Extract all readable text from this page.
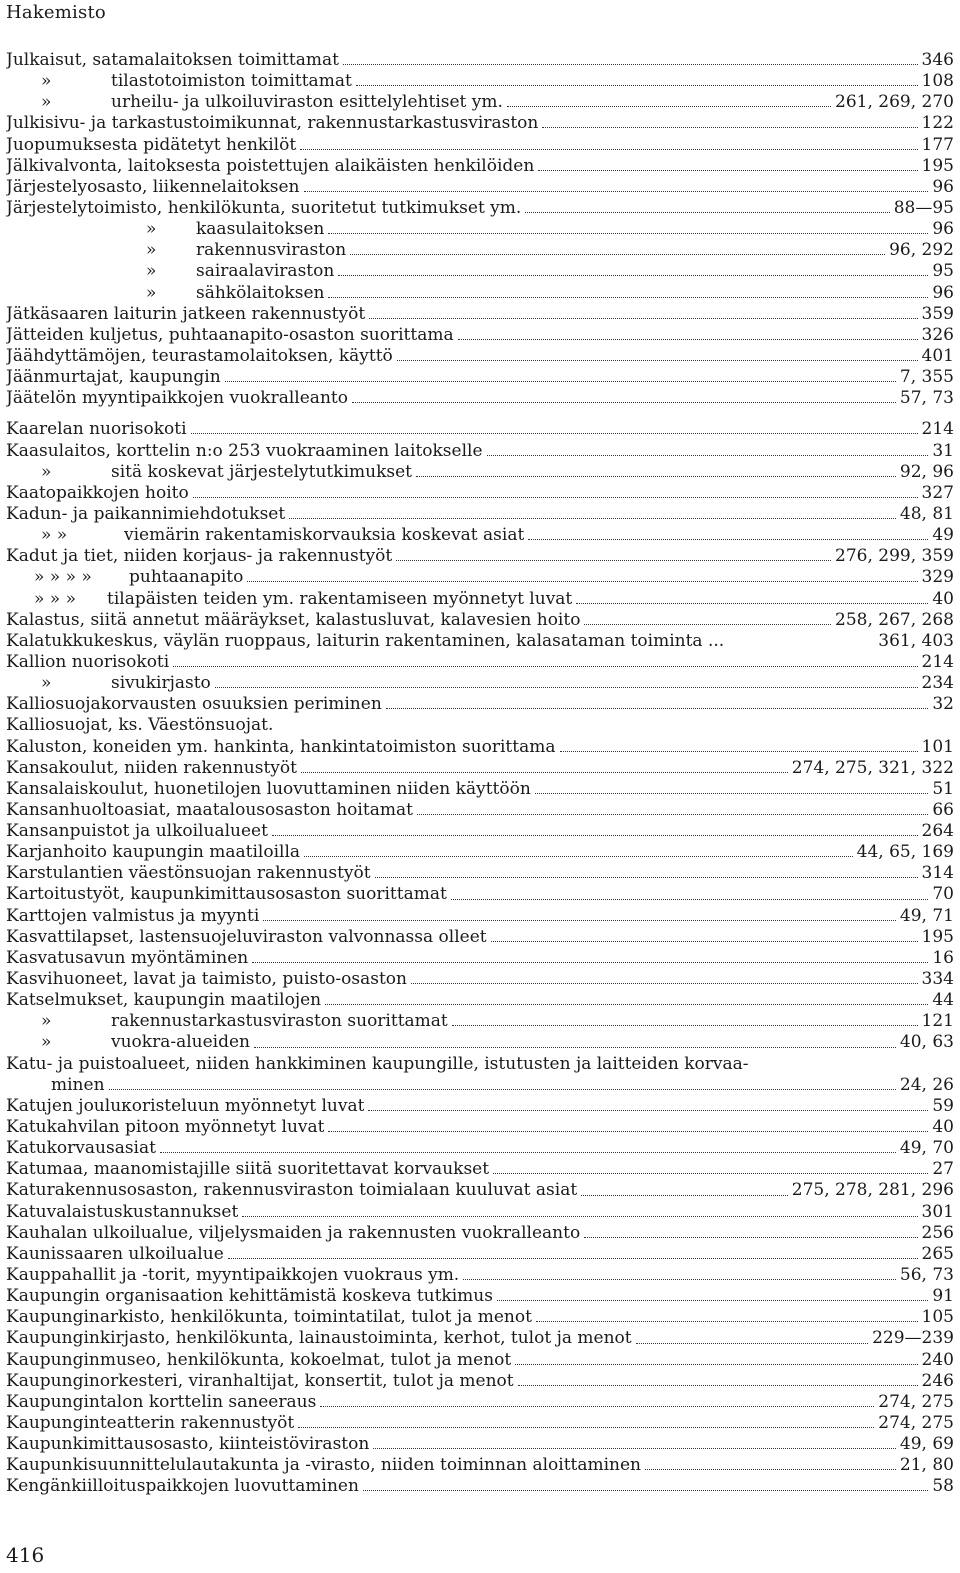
Hakemisto
Julkaisut, satamalaitoksen toimittamat	346
»	tilastotoimiston toimittamat	108
»	urheilu- ja ulkoiluviraston esittelylehtiset ym.	261, 269, 270
Julkisivu- ja tarkastustoimikunnat, rakennustarkastusviraston	122
Juopumuksesta pidätetyt henkilöt	177
Jälkivalvonta, laitoksesta poistettujen alaikäisten henkilöiden	195
Järjestelyosasto, liikennelaitoksen	96
Järjestelytoimisto, henkilökunta, suoritetut tutkimukset ym.	88—95
»	kaasulaitoksen	96
»	rakennusviraston	96, 292
»	sairaalaviraston	95
»	sähkölaitoksen	96
Jätkäsaaren laiturin jatkeen rakennustyöt	359
Jätteiden kuljetus, puhtaanapito-osaston suorittama	326
Jäähdyttämöjen, teurastamolaitoksen, käyttö	401
Jäänmurtajat, kaupungin	7, 355
Jäätelön myyntipaikkojen vuokralleanto	57, 73
Kaarelan nuorisokoti	214
Kaasulaitos, korttelin n:o 253 vuokraaminen laitokselle	31
»	sitä koskevat järjestelytutkimukset	92, 96
Kaatopaikkojen hoito	327
Kadun- ja paikannimiehdotukset	48, 81
» »	viemärin rakentamiskorvauksia koskevat asiat	49
Kadut ja tiet, niiden korjaus- ja rakennustyöt	276, 299, 359
» » » »	puhtaanapito	329
» » »	tilapäisten teiden ym. rakentamiseen myönnetyt luvat	40
Kalastus, siitä annetut määräykset, kalastusluvat, kalavesien hoito	258, 267, 268
Kalatukkukeskus, väylän ruoppaus, laiturin rakentaminen, kalasataman toiminta ...	361, 403
Kallion nuorisokoti	214
»	sivukirjasto	234
Kalliosuojakorvausten osuuksien periminen	32
Kalliosuojat, ks. Väestönsuojat.
Kaluston, koneiden ym. hankinta, hankintatoimiston suorittama	101
Kansakoulut, niiden rakennustyöt	274, 275, 321, 322
Kansalaiskoulut, huonetilojen luovuttaminen niiden käyttöön	51
Kansanhuoltoasiat, maatalousosaston hoitamat	66
Kansanpuistot ja ulkoilualueet	264
Karjanhoito kaupungin maatiloilla	44, 65, 169
Karstulantien väestönsuojan rakennustyöt	314
Kartoitustyöt, kaupunkimittausosaston suorittamat	70
Karttojen valmistus ja myynti	49, 71
Kasvattilapset, lastensuojeluviraston valvonnassa olleet	195
Kasvatusavun myöntäminen	16
Kasvihuoneet, lavat ja taimisto, puisto-osaston	334
Katselmukset, kaupungin maatilojen	44
»	rakennustarkastusviraston suorittamat	121
»	vuokra-alueiden	40, 63
Katu- ja puistoalueet, niiden hankkiminen kaupungille, istutusten ja laitteiden korvaa-
minen	24, 26
Katujen jouluкoristeluun myönnetyt luvat	59
Katukahvilan pitoon myönnetyt luvat	40
Katukorvausasiat	49, 70
Katumaa, maanomistajille siitä suoritettavat korvaukset	27
Katurakennusosaston, rakennusviraston toimialaan kuuluvat asiat	275, 278, 281, 296
Katuvalaistuskustannukset	301
Kauhalan ulkoilualue, viljelysmaiden ja rakennusten vuokralleanto	256
Kaunissaaren ulkoilualue	265
Kauppahallit ja -torit, myyntipaikkojen vuokraus ym.	56, 73
Kaupungin organisaation kehittämistä koskeva tutkimus	91
Kaupunginarkisto, henkilökunta, toimintatilat, tulot ja menot	105
Kaupunginkirjasto, henkilökunta, lainaustoiminta, kerhot, tulot ja menot	229—239
Kaupunginmuseo, henkilökunta, kokoelmat, tulot ja menot	240
Kaupunginorkesteri, viranhaltijat, konsertit, tulot ja menot	246
Kaupungintalon korttelin saneeraus	274, 275
Kaupunginteatterin rakennustyöt	274, 275
Kaupunkimittausosasto, kiinteistöviraston	49, 69
Kaupunkisuunnittelulautakunta ja -virasto, niiden toiminnan aloittaminen	21, 80
Kengänkiilloituspaikkojen luovuttaminen	58
416
